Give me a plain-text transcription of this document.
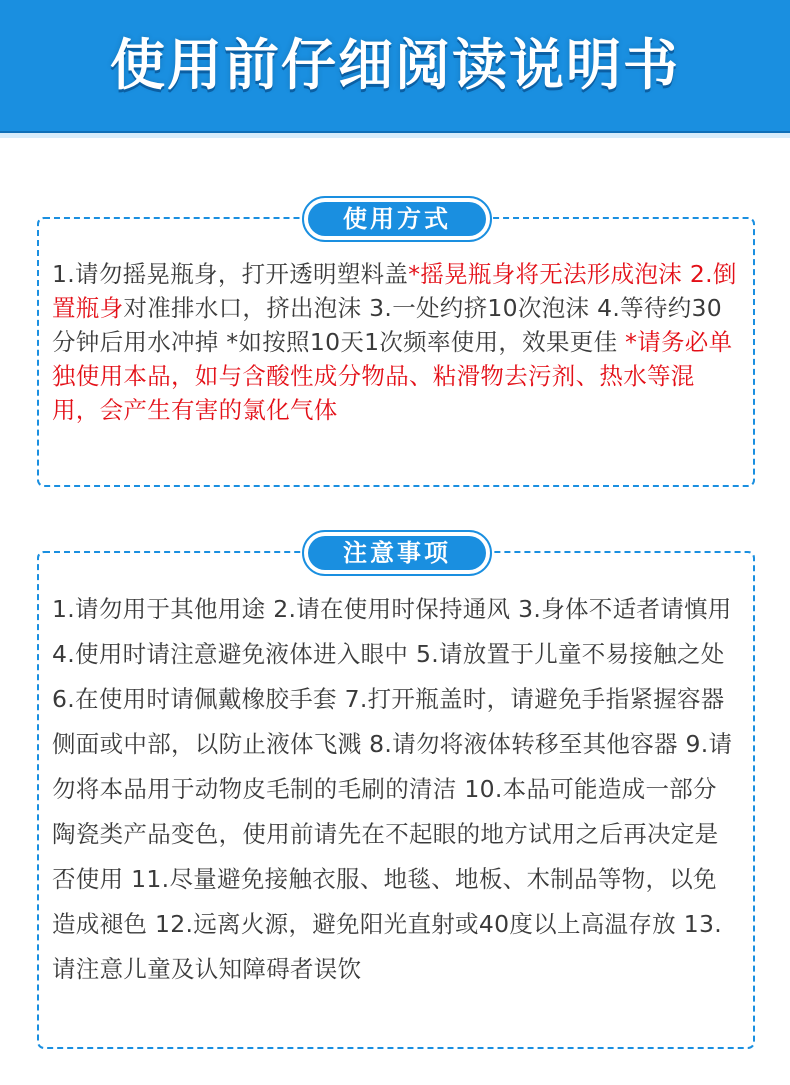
使用前仔细阅读说明书
使用方式
1.请勿摇晃瓶身，打开透明塑料盖*摇晃瓶身将无法形成泡沫 2.倒置瓶身对准排水口，挤出泡沫 3.一处约挤10次泡沫 4.等待约30分钟后用水冲掉 *如按照10天1次频率使用，效果更佳 *请务必单独使用本品，如与含酸性成分物品、粘滑物去污剂、热水等混用，会产生有害的氯化气体
注意事项
1.请勿用于其他用途 2.请在使用时保持通风 3.身体不适者请慎用 4.使用时请注意避免液体进入眼中 5.请放置于儿童不易接触之处 6.在使用时请佩戴橡胶手套 7.打开瓶盖时，请避免手指紧握容器侧面或中部，以防止液体飞溅 8.请勿将液体转移至其他容器 9.请勿将本品用于动物皮毛制的毛刷的清洁 10.本品可能造成一部分陶瓷类产品变色，使用前请先在不起眼的地方试用之后再决定是否使用 11.尽量避免接触衣服、地毯、地板、木制品等物，以免造成褪色 12.远离火源，避免阳光直射或40度以上高温存放 13.请注意儿童及认知障碍者误饮
